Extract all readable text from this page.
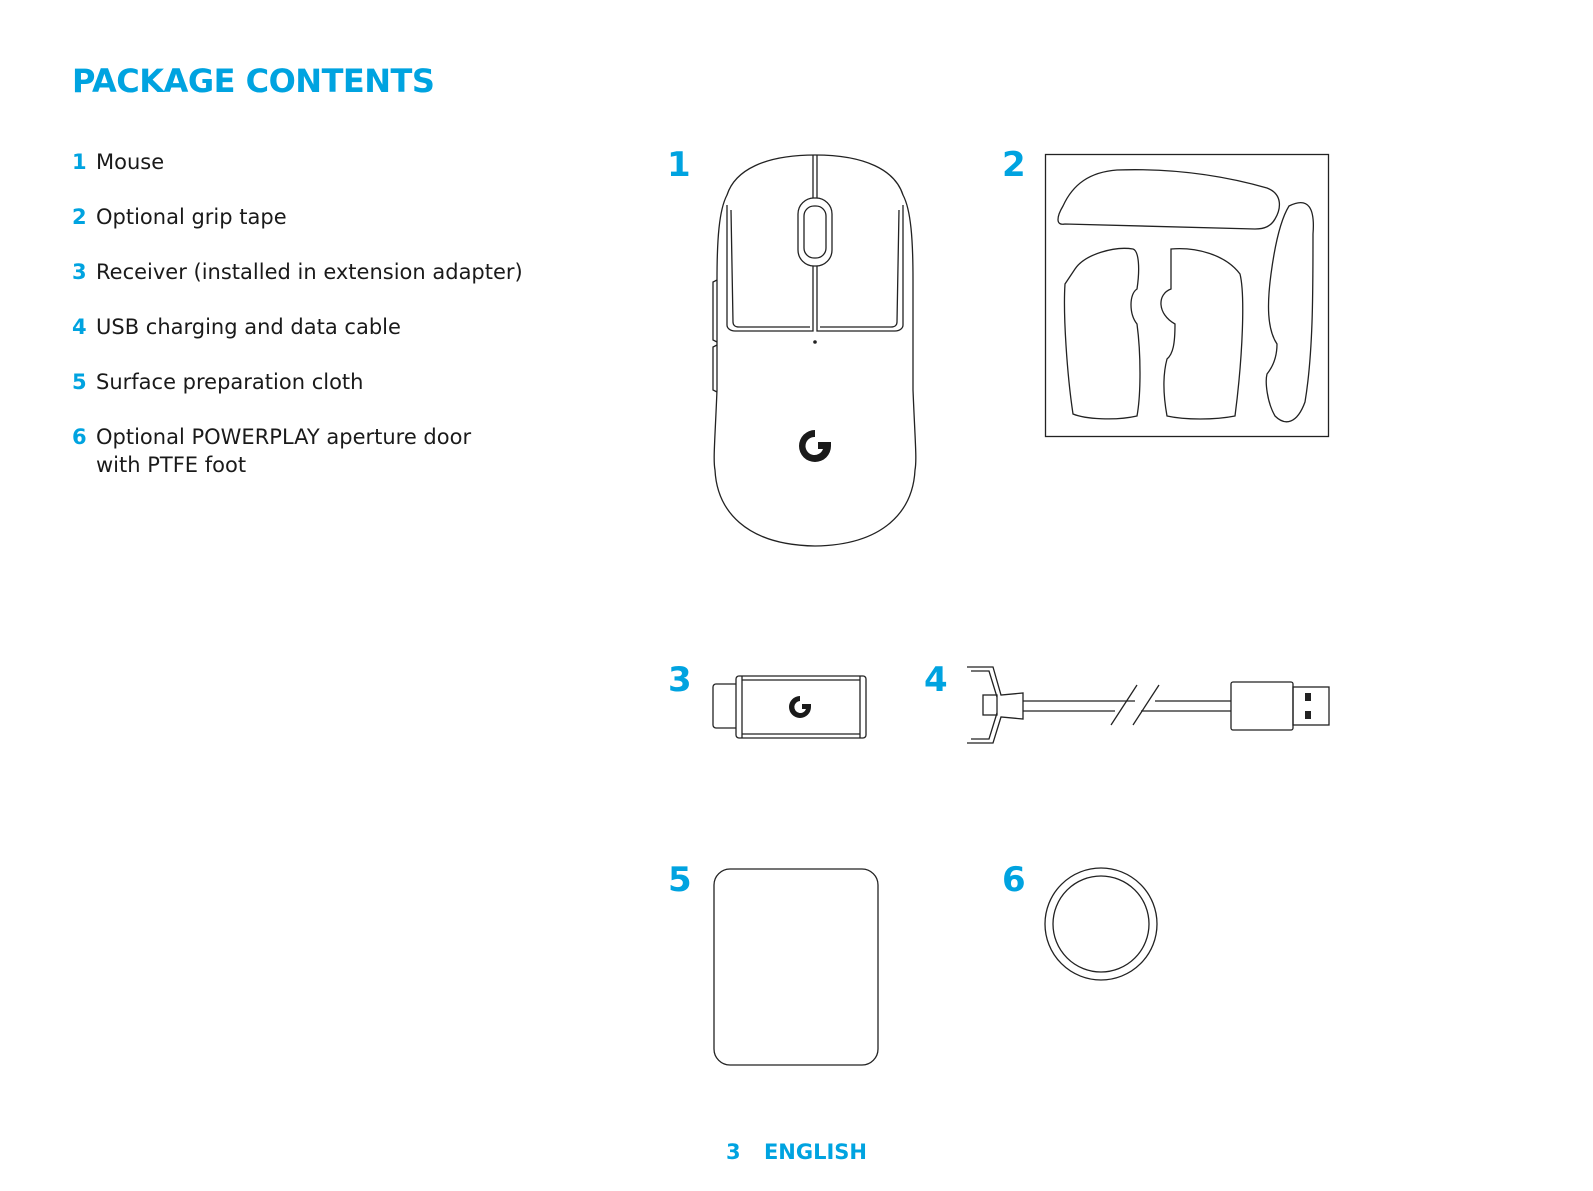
PACKAGE CONTENTS
1 Mouse
2 Optional grip tape
3 Receiver (installed in extension adapter)
4 USB charging and data cable
5 Surface preparation cloth
6 Optional POWERPLAY aperture door with PTFE foot
1	2
3	4
5	6
3 ENGLISH
